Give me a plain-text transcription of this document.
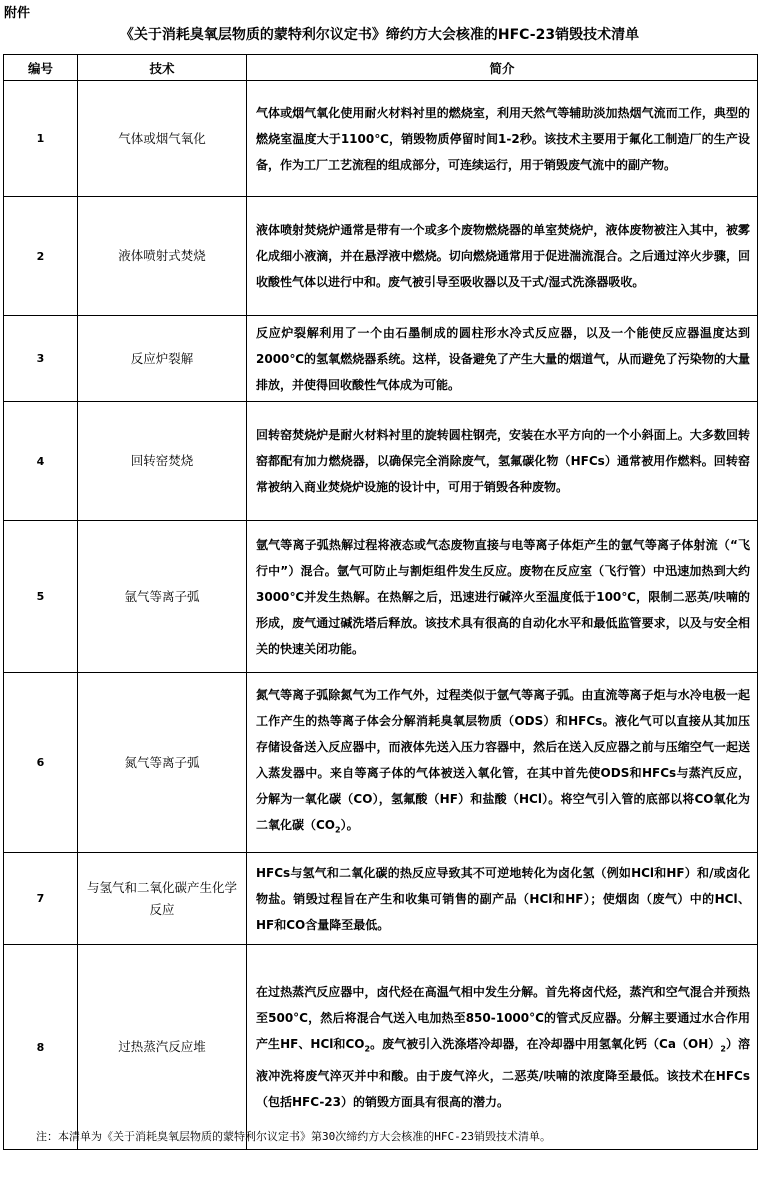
附件
《关于消耗臭氧层物质的蒙特利尔议定书》缔约方大会核准的HFC-23销毁技术清单
编号	技术	简介
1	气体或烟气氧化	气体或烟气氧化使用耐火材料衬里的燃烧室，利用天然气等辅助淡加热烟气流而工作，典型的燃烧室温度大于1100℃，销毁物质停留时间1-2秒。该技术主要用于氟化工制造厂的生产设备，作为工厂工艺流程的组成部分，可连续运行，用于销毁废气流中的副产物。
2	液体喷射式焚烧	液体喷射焚烧炉通常是带有一个或多个废物燃烧器的单室焚烧炉，液体废物被注入其中，被雾化成细小液滴，并在悬浮液中燃烧。切向燃烧通常用于促进湍流混合。之后通过淬火步骤，回收酸性气体以进行中和。废气被引导至吸收器以及干式/湿式洗涤器吸收。
3	反应炉裂解	反应炉裂解利用了一个由石墨制成的圆柱形水冷式反应器，以及一个能使反应器温度达到2000℃的氢氧燃烧器系统。这样，设备避免了产生大量的烟道气，从而避免了污染物的大量排放，并使得回收酸性气体成为可能。
4	回转窑焚烧	回转窑焚烧炉是耐火材料衬里的旋转圆柱钢壳，安装在水平方向的一个小斜面上。大多数回转窑都配有加力燃烧器，以确保完全消除废气，氢氟碳化物（HFCs）通常被用作燃料。回转窑常被纳入商业焚烧炉设施的设计中，可用于销毁各种废物。
5	氩气等离子弧	氩气等离子弧热解过程将液态或气态废物直接与电等离子体炬产生的氩气等离子体射流（“飞行中”）混合。氩气可防止与割炬组件发生反应。废物在反应室（飞行管）中迅速加热到大约3000℃并发生热解。在热解之后，迅速进行碱淬火至温度低于100℃，限制二恶英/呋喃的形成，废气通过碱洗塔后释放。该技术具有很高的自动化水平和最低监管要求，以及与安全相关的快速关闭功能。
6	氮气等离子弧	氮气等离子弧除氮气为工作气外，过程类似于氩气等离子弧。由直流等离子炬与水冷电极一起工作产生的热等离子体会分解消耗臭氧层物质（ODS）和HFCs。液化气可以直接从其加压存储设备送入反应器中，而液体先送入压力容器中，然后在送入反应器之前与压缩空气一起送入蒸发器中。来自等离子体的气体被送入氧化管，在其中首先使ODS和HFCs与蒸汽反应，分解为一氧化碳（CO），氢氟酸（HF）和盐酸（HCl）。将空气引入管的底部以将CO氧化为二氧化碳$(CO_2)$。
7	与氢气和二氧化碳产生化学反应	HFCs与氢气和二氧化碳的热反应导致其不可逆地转化为卤化氢（例如HCl和HF）和/或卤化物盐。销毁过程旨在产生和收集可销售的副产品（HCl和HF）；使烟囱（废气）中的HCl、HF和CO含量降至最低。
8	过热蒸汽反应堆	在过热蒸汽反应器中，卤代烃在高温气相中发生分解。首先将卤代烃，蒸汽和空气混合并预热至500°C，然后将混合气送入电加热至850-1000°C的管式反应器。分解主要通过水合作用产生HF、HCl和$CO_2$。废气被引入洗涤塔冷却器，在冷却器中用氢氧化钙$(Ca(OH)_2)$溶液冲洗将废气淬灭并中和酸。由于废气淬火，二恶英/呋喃的浓度降至最低。该技术在HFCs（包括HFC-23）的销毁方面具有很高的潜力。
注：本清单为《关于消耗臭氧层物质的蒙特利尔议定书》第30次缔约方大会核准的HFC-23销毁技术清单。
